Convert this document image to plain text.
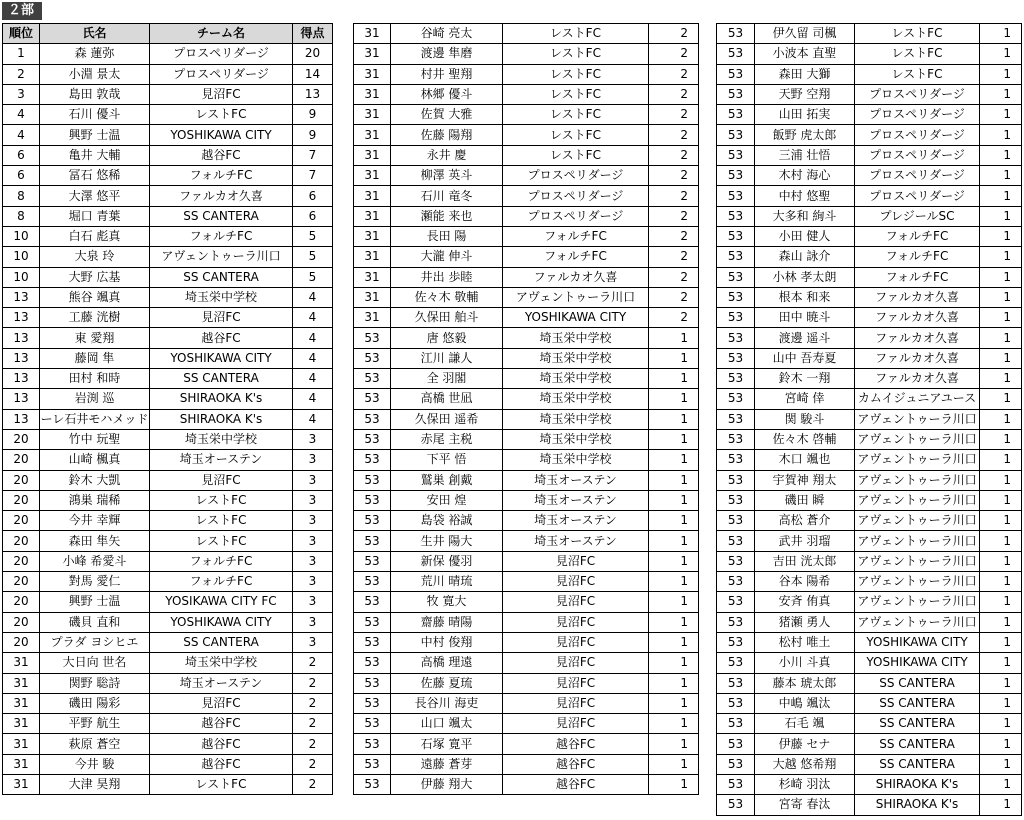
２部
順位	氏名	チーム名	得点
1	森 蓮弥	プロスペリダージ	20
2	小淵 景太	プロスペリダージ	14
3	島田 敦哉	見沼FC	13
4	石川 優斗	レストFC	9
4	興野 士温	YOSHIKAWA CITY	9
6	亀井 大輔	越谷FC	7
6	冨石 悠稀	フォルチFC	7
8	大澤 悠平	ファルカオ久喜	6
8	堀口 青葉	SS CANTERA	6
10	白石 彪真	フォルチFC	5
10	大泉 玲	アヴェントゥーラ川口	5
10	大野 広基	SS CANTERA	5
13	熊谷 颯真	埼玉栄中学校	4
13	工藤 洸樹	見沼FC	4
13	東 愛翔	越谷FC	4
13	藤岡 隼	YOSHIKAWA CITY	4
13	田村 和時	SS CANTERA	4
13	岩渕 巡	SHIRAOKA K's	4
13	ーレ石井モハメッド	SHIRAOKA K's	4
20	竹中 玩聖	埼玉栄中学校	3
20	山崎 楓真	埼玉オーステン	3
20	鈴木 大凱	見沼FC	3
20	鴻巣 瑞稀	レストFC	3
20	今井 幸輝	レストFC	3
20	森田 隼矢	レストFC	3
20	小峰 希愛斗	フォルチFC	3
20	對馬 愛仁	フォルチFC	3
20	興野 士温	YOSIKAWA CITY FC	3
20	磯貝 直和	YOSHIKAWA CITY	3
20	プラダ ヨシヒエ	SS CANTERA	3
31	大日向 世名	埼玉栄中学校	2
31	関野 聡詩	埼玉オーステン	2
31	磯田 陽彩	見沼FC	2
31	平野 航生	越谷FC	2
31	萩原 蒼空	越谷FC	2
31	今井 駿	越谷FC	2
31	大津 昊翔	レストFC	2
31	谷崎 亮太	レストFC	2
31	渡邊 隼磨	レストFC	2
31	村井 聖翔	レストFC	2
31	林郷 優斗	レストFC	2
31	佐賀 大雅	レストFC	2
31	佐藤 陽翔	レストFC	2
31	永井 慶	レストFC	2
31	柳澤 英斗	プロスペリダージ	2
31	石川 竜冬	プロスペリダージ	2
31	瀬能 来也	プロスペリダージ	2
31	長田 陽	フォルチFC	2
31	大瀧 伸斗	フォルチFC	2
31	井出 歩睦	ファルカオ久喜	2
31	佐々木 敬輔	アヴェントゥーラ川口	2
31	久保田 舶斗	YOSHIKAWA CITY	2
53	唐 悠毅	埼玉栄中学校	1
53	江川 謙人	埼玉栄中学校	1
53	全 羽閣	埼玉栄中学校	1
53	高橋 世凪	埼玉栄中学校	1
53	久保田 遥希	埼玉栄中学校	1
53	赤尾 主税	埼玉栄中学校	1
53	下平 悟	埼玉栄中学校	1
53	鷲巣 創戴	埼玉オーステン	1
53	安田 煌	埼玉オーステン	1
53	島袋 裕誠	埼玉オーステン	1
53	生井 陽大	埼玉オーステン	1
53	新保 優羽	見沼FC	1
53	荒川 晴琉	見沼FC	1
53	牧 寛大	見沼FC	1
53	齋藤 晴陽	見沼FC	1
53	中村 俊翔	見沼FC	1
53	高橋 理遠	見沼FC	1
53	佐藤 夏琉	見沼FC	1
53	長谷川 海吏	見沼FC	1
53	山口 颯太	見沼FC	1
53	石塚 寛平	越谷FC	1
53	遠藤 蒼芽	越谷FC	1
53	伊藤 翔大	越谷FC	1
53	伊久留 司楓	レストFC	1
53	小波本 直聖	レストFC	1
53	森田 大獅	レストFC	1
53	天野 空翔	プロスペリダージ	1
53	山田 拓実	プロスペリダージ	1
53	飯野 虎太郎	プロスペリダージ	1
53	三浦 壮悟	プロスペリダージ	1
53	木村 海心	プロスペリダージ	1
53	中村 悠聖	プロスペリダージ	1
53	大多和 絢斗	プレジールSC	1
53	小田 健人	フォルチFC	1
53	森山 詠介	フォルチFC	1
53	小林 孝太朗	フォルチFC	1
53	根本 和来	ファルカオ久喜	1
53	田中 暁斗	ファルカオ久喜	1
53	渡邊 遥斗	ファルカオ久喜	1
53	山中 吾寿夏	ファルカオ久喜	1
53	鈴木 一翔	ファルカオ久喜	1
53	宮崎 倖	カムイジュニアユース	1
53	関 駿斗	アヴェントゥーラ川口	1
53	佐々木 啓輔	アヴェントゥーラ川口	1
53	木口 颯也	アヴェントゥーラ川口	1
53	宇賀神 翔太	アヴェントゥーラ川口	1
53	磯田 瞬	アヴェントゥーラ川口	1
53	高松 蒼介	アヴェントゥーラ川口	1
53	武井 羽瑠	アヴェントゥーラ川口	1
53	吉田 洸太郎	アヴェントゥーラ川口	1
53	谷本 陽希	アヴェントゥーラ川口	1
53	安斉 侑真	アヴェントゥーラ川口	1
53	猪瀬 勇人	アヴェントゥーラ川口	1
53	松村 唯土	YOSHIKAWA CITY	1
53	小川 斗真	YOSHIKAWA CITY	1
53	藤本 琥太郎	SS CANTERA	1
53	中嶋 颯汰	SS CANTERA	1
53	石毛 颯	SS CANTERA	1
53	伊藤 セナ	SS CANTERA	1
53	大越 悠希翔	SS CANTERA	1
53	杉崎 羽汰	SHIRAOKA K's	1
53	宮寄 春汰	SHIRAOKA K's	1
